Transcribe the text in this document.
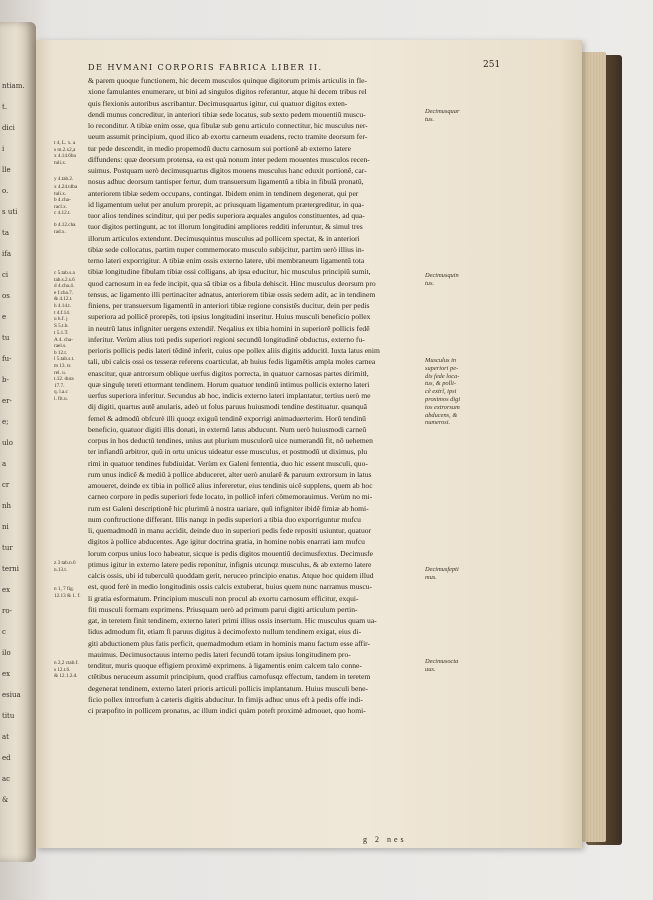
ntiam.
t.
dici
i
lle
o.
s uti
ta
ifa
ci
os
e
tu
fu-
b-
er-
e;
ulo
a
cr
nh
ni
tur
terni
ex
ro-
c
ilo
ex
esiua
titu
at
ed
ac
&
DE HVMANI CORPORIS FABRICA LIBER II.	251
& parem quoque functionem, hic decem musculos quinque digitorum primis articulis in fle-
xione famulantes enumerare, ut bini ad singulos digitos referantur, atque hi decem tribus rel
quis flexionis autoribus ascribantur. Decimusquartus igitur, cui quatuor digitos exten-
dendi munus concreditur, in anteriori tibiæ sede locatus, sub sexto pedem mouentiũ muscu-
lo reconditur. A tibiæ enim osse, qua fibulæ sub genu articulo connectitur, hic musculus ner-
ueum assumit principium, quod ilico ab exortu carneum euadens, recto tramite deorsum fer-
tur pede descendit, in medio propemodũ ductu carnosum sui portionẽ ab externo latere
diffundens: quæ deorsum protensa, ea est quà nonum inter pedem mouentes musculos recen-
suimus. Postquam uerò decimusquartus digitos mouens musculus hanc eduxit portionẽ, car-
nosus adhuc deorsum tantisper fertur, dum transuersum ligamentũ a tibia in fibulã pronatũ,
anteriorem tibiæ sedem occupans, contingat. Ibidem enim in tendinem degenerat, qui per
id ligamentum uelut per anulum prorepit, ac priusquam ligamentum prætergreditur, in qua-
tuor alios tendines scinditur, qui per pedis superiora æquales angulos constituentes, ad qua-
tuor digitos pertingunt, ac tot illorum longitudini ampliores redditi inferuntur, & simul tres
illorum articulos extendunt. Decimusquintus musculus ad pollicem spectat, & in anteriori
tibiæ sede collocatus, partim nuper commemorato musculo subijcitur, partim uerò illius in-
terno lateri exporrigitur. A tibiæ enim ossis externo latere, ubi membraneum ligamentũ tota
tibiæ longitudine fibulam tibiæ ossi colligans, ab ipsa educitur, hic musculus principiũ sumit,
quod carnosum in ea fede incipit, qua sã tibiæ os a fibula dehiscit. Hinc musculus deorsum pro
tensus, ac ligamento illi pertinaciter adnatus, anteriorem tibiæ ossis sedem adit, ac in tendinem
finiens, per transuersum ligamentũ in anteriori tibiæ regione consistẽs ducitur, dein per pedis
superiora ad pollicẽ prorepẽs, toti ipsius longitudini inseritur. Huius musculi beneficio pollex
in neutrũ latus infigniter uergens extendiř. Neqalius ex tibia homini in superiorẽ pollicis fedẽ
inferitur. Verùm alius toti pedis superiori regioni secundũ longitudinẽ obductus, externo fu-
perioris pollicis pedis lateri tẽdinẽ inferit, cuius ope pollex aliis digitis adducitł. Iuxta latus enim
tali, ubi calcis ossi os tesseræ referens coarticulat, ab huius fedis ligamẽtis ampla moles carnea
enascitur, quæ antrorsum oblique uerfus digitos porrecta, in quatuor carnosas partes dirimitł,
quæ singulę tereti ettormant tendinem. Horum quatuor tendinũ intimus pollicis externo lateri
uerfus superiora inferitur. Secundus ab hoc, indicis externo lateri implantatur, tertius uerò me
dij digiti, quartus autẽ anularis, adeò ut folus paruus huiusmodi tendine destituatur. quanquã
femel & admodũ obfcurè illi quoqz exiguũ tendinẽ exporrigi animaduerterim. Horũ tendinũ
beneficio, quatuor digiti illis donati, in externũ latus abducunt. Num uerò huiusmodi carneũ
corpus in hos deductũ tendines, unius aut plurium musculorũ uice numerandũ fit, nõ uehemen
ter infiandũ arbitror, quũ in ortu unicus uideatur esse musculus, et postmodũ ut diximus, plu
rimi in quatuor tendines fubdiuidat. Verùm ex Galeni fententia, duo hic essent musculi, quo-
rum unus indicẽ & mediũ à pollice abduceret, alter uerò anularẽ & paruum extrorsum in latus
amoueret, deinde ex tibia in pollicẽ alius infereretur, eius tendinis uicẽ supplens, quem ab hoc
carneo corpore in pedis superiori fede locato, in pollicẽ inferi cõmemorauimus. Verùm no mi-
rum est Galeni descriptionẽ hic plurimũ à nostra uariare, quũ infigniter ibidẽ fimiæ ab homi-
num conftructione differant. Illis nanqz in pedis superiori a tibia duo exporriguntur mufcu
li, quemadmodũ in manu accidit, deinde duo in superiori pedis fede repositi usiuntur, quatuor
digitos à pollice abducentes. Age igitur doctrina gratia, in homine nobis enarrati iam mufcu
lorum corpus unius loco habeatur, sicque is pedis digitos mouentiũ decimusfextus. Decimusfe
ptimus igitur in externo latere pedis reponitur, infignis utcunqz musculus, & ab externo latere
calcis ossis, ubi id tuberculũ quoddam gerit, neruceo principio enatus. Atque hoc quidem illud
est, quod ferè in medio longitudinis ossis calcis extuberat, huius quem nunc narramus muscu-
li gratia esformatum. Principium musculi non procul ab exortu carnosum efficitur, exqui-
fiti musculi formam exprimens. Priusquam uerò ad primum parui digiti articulum pertin-
gat, in teretem finit tendinem, externo lateri primi illius ossis insertum. Hic musculus quam ua-
lidus admodum fit, etiam fi paruus digitus à decimofexto nullum tendinem exigat, eius di-
giti abductionem plus fatis perficit, quemadmodum etiam in hominis manu factum esse affir-
mauimus. Decimusoctauus interno pedis lateri fecundũ totam ipsius longitudinem pro-
tenditur, muris quoque effigiem proximè exprimens. à ligamentis enim calcem talo conne-
ctẽtibus neruceum assumit principium, quod craffius carnofusqz effectum, tandem in teretem
degenerat tendinem, externo lateri prioris articuli pollicis implantatum. Huius musculi bene-
ficio pollex introrfum à cæteris digitis abducitur. In fimijs adhuc unus eft à pedis offe indi-
ci præpofito in pollicem pronatus, ac illum indici quàm poteft proximè admouet, quo homi-
t 4, L. x. a
s m.2.x2,a
x 4.14.6ba
tuli.x.
y 4.tab.2.
x 4.24.t4ba
tuli.x.
b 4.cha-
racl.x.
c 4.12.t.
b 4.12.cha
rad.x.
c 5.tab.s.a
tab.s.2.s.6
d 4.cha.4.
e f.cha.7.
& 4.12.t.
h 4.14.t.
t 4.f.14.
u h.f. j
S 5.t.b.
t 5.1.T.
A 4. cha-
rael.s.
b 12.t.
l 5.tab.s.t.
m 13. ts
rel. u.
t.12. dura
17.7.
q. l.a.c
l. fit.u.
z 3 tab.n.6
n.13.t.
n 1, 7 fig.
12.13 & 1. f.
n 2,2 ctab.f.
s 12.t.6.
& 12.1.2.d.
Decimusquar
tus.
Decimusquin
tus.
Musculus in
superiori pe-
dis fede loca-
tus, & polli-
cẽ extrĩ, ipsi
proximos digi
tos extrorsum
abducens, &
numerosi.
Decimusfepti
mus.
Decimusocta
uus.
g 2 nes
